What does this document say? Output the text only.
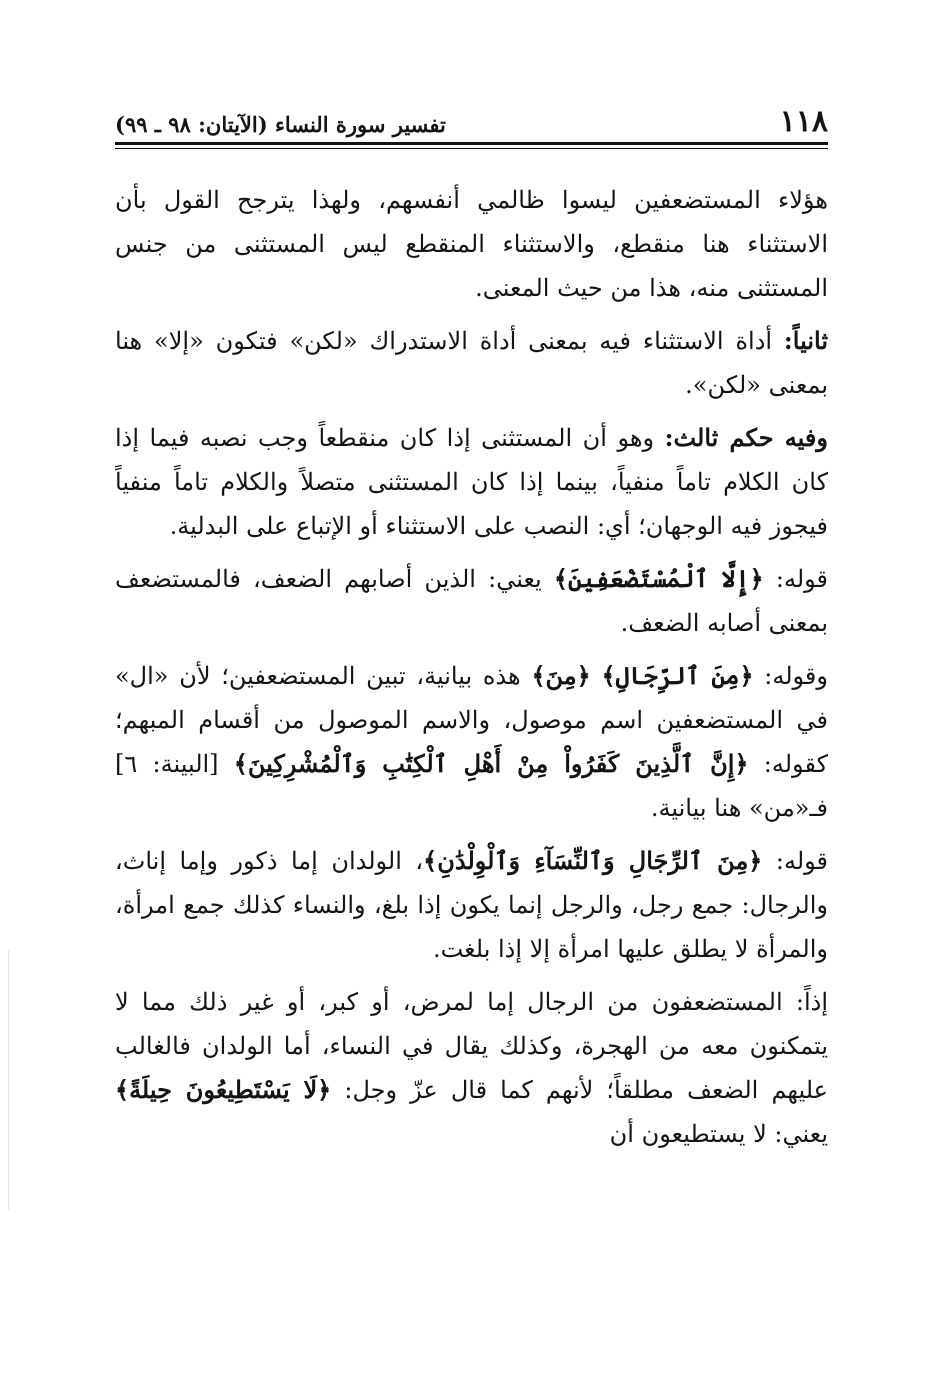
١١٨
تفسير سورة النساء (الآيتان: ٩٨ ـ ٩٩)

هؤلاء المستضعفين ليسوا ظالمي أنفسهم، ولهذا يترجح القول بأن الاستثناء هنا منقطع، والاستثناء المنقطع ليس المستثنى من جنس المستثنى منه، هذا من حيث المعنى.

ثانياً: أداة الاستثناء فيه بمعنى أداة الاستدراك «لكن» فتكون «إلا» هنا بمعنى «لكن».

وفيه حكم ثالث: وهو أن المستثنى إذا كان منقطعاً وجب نصبه فيما إذا كان الكلام تاماً منفياً، بينما إذا كان المستثنى متصلاً والكلام تاماً منفياً فيجوز فيه الوجهان؛ أي: النصب على الاستثناء أو الإتباع على البدلية.

قوله: ﴿إِلَّا ٱلْمُسْتَضْعَفِينَ﴾ يعني: الذين أصابهم الضعف، فالمستضعف بمعنى أصابه الضعف.

وقوله: ﴿مِنَ ٱلرِّجَالِ﴾ ﴿مِنَ﴾ هذه بيانية، تبين المستضعفين؛ لأن «ال» في المستضعفين اسم موصول، والاسم الموصول من أقسام المبهم؛ كقوله: ﴿إِنَّ ٱلَّذِينَ كَفَرُواْ مِنْ أَهْلِ ٱلْكِتَٰبِ وَٱلْمُشْرِكِينَ﴾ [البينة: ٦] فـ«من» هنا بيانية.

قوله: ﴿مِنَ ٱلرِّجَالِ وَٱلنِّسَآءِ وَٱلْوِلْدَٰنِ﴾، الولدان إما ذكور وإما إناث، والرجال: جمع رجل، والرجل إنما يكون إذا بلغ، والنساء كذلك جمع امرأة، والمرأة لا يطلق عليها امرأة إلا إذا بلغت.

إذاً: المستضعفون من الرجال إما لمرض، أو كبر، أو غير ذلك مما لا يتمكنون معه من الهجرة، وكذلك يقال في النساء، أما الولدان فالغالب عليهم الضعف مطلقاً؛ لأنهم كما قال عزّ وجل: ﴿لَا يَسْتَطِيعُونَ حِيلَةً﴾ يعني: لا يستطيعون أن
